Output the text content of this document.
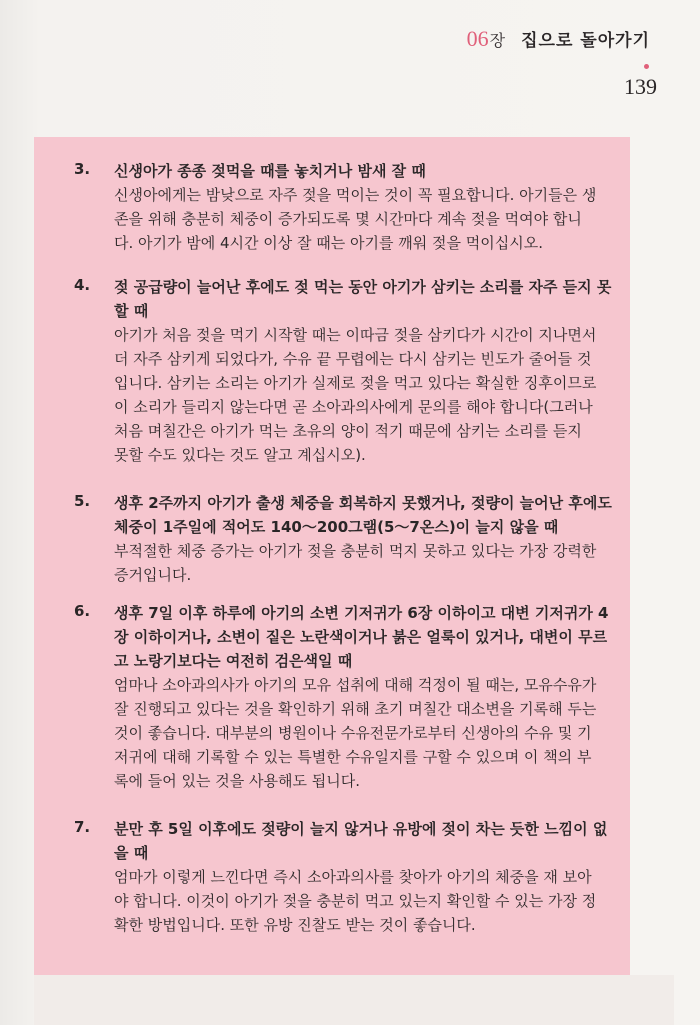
06 장 집으로 돌아가기
139
3. 신생아가 종종 젖먹을 때를 놓치거나 밤새 잘 때
신생아에게는 밤낮으로 자주 젖을 먹이는 것이 꼭 필요합니다. 아기들은 생
존을 위해 충분히 체중이 증가되도록 몇 시간마다 계속 젖을 먹여야 합니
다. 아기가 밤에 4시간 이상 잘 때는 아기를 깨워 젖을 먹이십시오.
4. 젖 공급량이 늘어난 후에도 젖 먹는 동안 아기가 삼키는 소리를 자주 듣지 못
할 때
아기가 처음 젖을 먹기 시작할 때는 이따금 젖을 삼키다가 시간이 지나면서
더 자주 삼키게 되었다가, 수유 끝 무렵에는 다시 삼키는 빈도가 줄어들 것
입니다. 삼키는 소리는 아기가 실제로 젖을 먹고 있다는 확실한 징후이므로
이 소리가 들리지 않는다면 곧 소아과의사에게 문의를 해야 합니다(그러나
처음 며칠간은 아기가 먹는 초유의 양이 적기 때문에 삼키는 소리를 듣지
못할 수도 있다는 것도 알고 계십시오).
5. 생후 2주까지 아기가 출생 체중을 회복하지 못했거나, 젖량이 늘어난 후에도
체중이 1주일에 적어도 140～200그램(5～7온스)이 늘지 않을 때
부적절한 체중 증가는 아기가 젖을 충분히 먹지 못하고 있다는 가장 강력한
증거입니다.
6. 생후 7일 이후 하루에 아기의 소변 기저귀가 6장 이하이고 대변 기저귀가 4
장 이하이거나, 소변이 짙은 노란색이거나 붉은 얼룩이 있거나, 대변이 무르
고 노랑기보다는 여전히 검은색일 때
엄마나 소아과의사가 아기의 모유 섭취에 대해 걱정이 될 때는, 모유수유가
잘 진행되고 있다는 것을 확인하기 위해 초기 며칠간 대소변을 기록해 두는
것이 좋습니다. 대부분의 병원이나 수유전문가로부터 신생아의 수유 및 기
저귀에 대해 기록할 수 있는 특별한 수유일지를 구할 수 있으며 이 책의 부
록에 들어 있는 것을 사용해도 됩니다.
7. 분만 후 5일 이후에도 젖량이 늘지 않거나 유방에 젖이 차는 듯한 느낌이 없
을 때
엄마가 이렇게 느낀다면 즉시 소아과의사를 찾아가 아기의 체중을 재 보아
야 합니다. 이것이 아기가 젖을 충분히 먹고 있는지 확인할 수 있는 가장 정
확한 방법입니다. 또한 유방 진찰도 받는 것이 좋습니다.
